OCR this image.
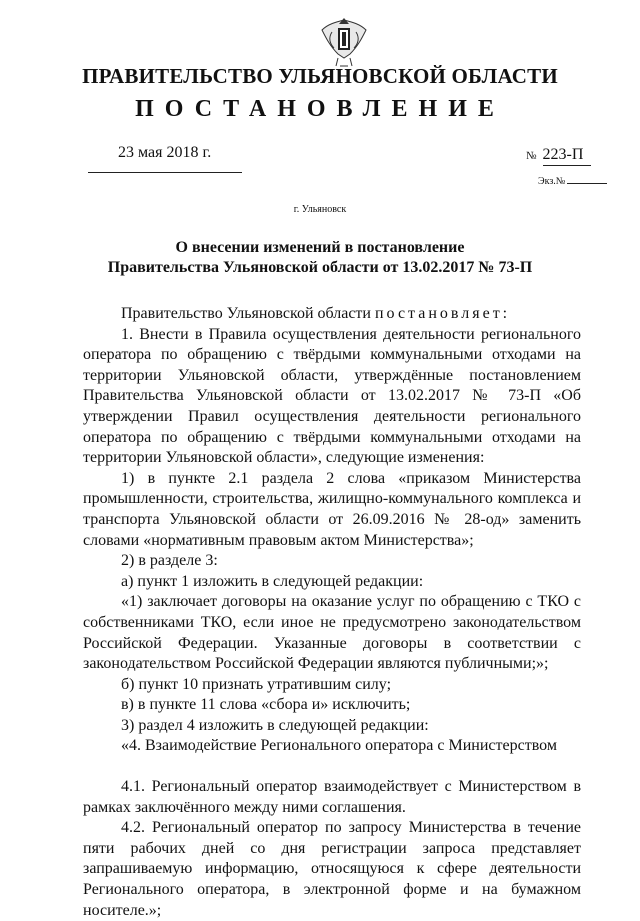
ПРАВИТЕЛЬСТВО УЛЬЯНОВСКОЙ ОБЛАСТИ
ПОСТАНОВЛЕНИЕ
23 мая 2018 г.	№ 223-П
Экз.№
г. Ульяновск
О внесении изменений в постановление
Правительства Ульяновской области от 13.02.2017 № 73-П

Правительство Ульяновской области постановляет:

1. Внести в Правила осуществления деятельности регионального оператора по обращению с твёрдыми коммунальными отходами на территории Ульяновской области, утверждённые постановлением Правительства Ульяновской области от 13.02.2017 № 73-П «Об утверждении Правил осуществления деятельности регионального оператора по обращению с твёрдыми коммунальными отходами на территории Ульяновской области», следующие изменения:

1) в пункте 2.1 раздела 2 слова «приказом Министерства промышленности, строительства, жилищно-коммунального комплекса и транспорта Ульяновской области от 26.09.2016 № 28-од» заменить словами «нормативным правовым актом Министерства»;

2) в разделе 3:

а) пункт 1 изложить в следующей редакции:

«1) заключает договоры на оказание услуг по обращению с ТКО с собственниками ТКО, если иное не предусмотрено законодательством Российской Федерации. Указанные договоры в соответствии с законодательством Российской Федерации являются публичными;»;

б) пункт 10 признать утратившим силу;

в) в пункте 11 слова «сбора и» исключить;

3) раздел 4 изложить в следующей редакции:

«4. Взаимодействие Регионального оператора с Министерством

4.1. Региональный оператор взаимодействует с Министерством в рамках заключённого между ними соглашения.

4.2. Региональный оператор по запросу Министерства в течение пяти рабочих дней со дня регистрации запроса представляет запрашиваемую информацию, относящуюся к сфере деятельности Регионального оператора, в электронной форме и на бумажном носителе.»;
